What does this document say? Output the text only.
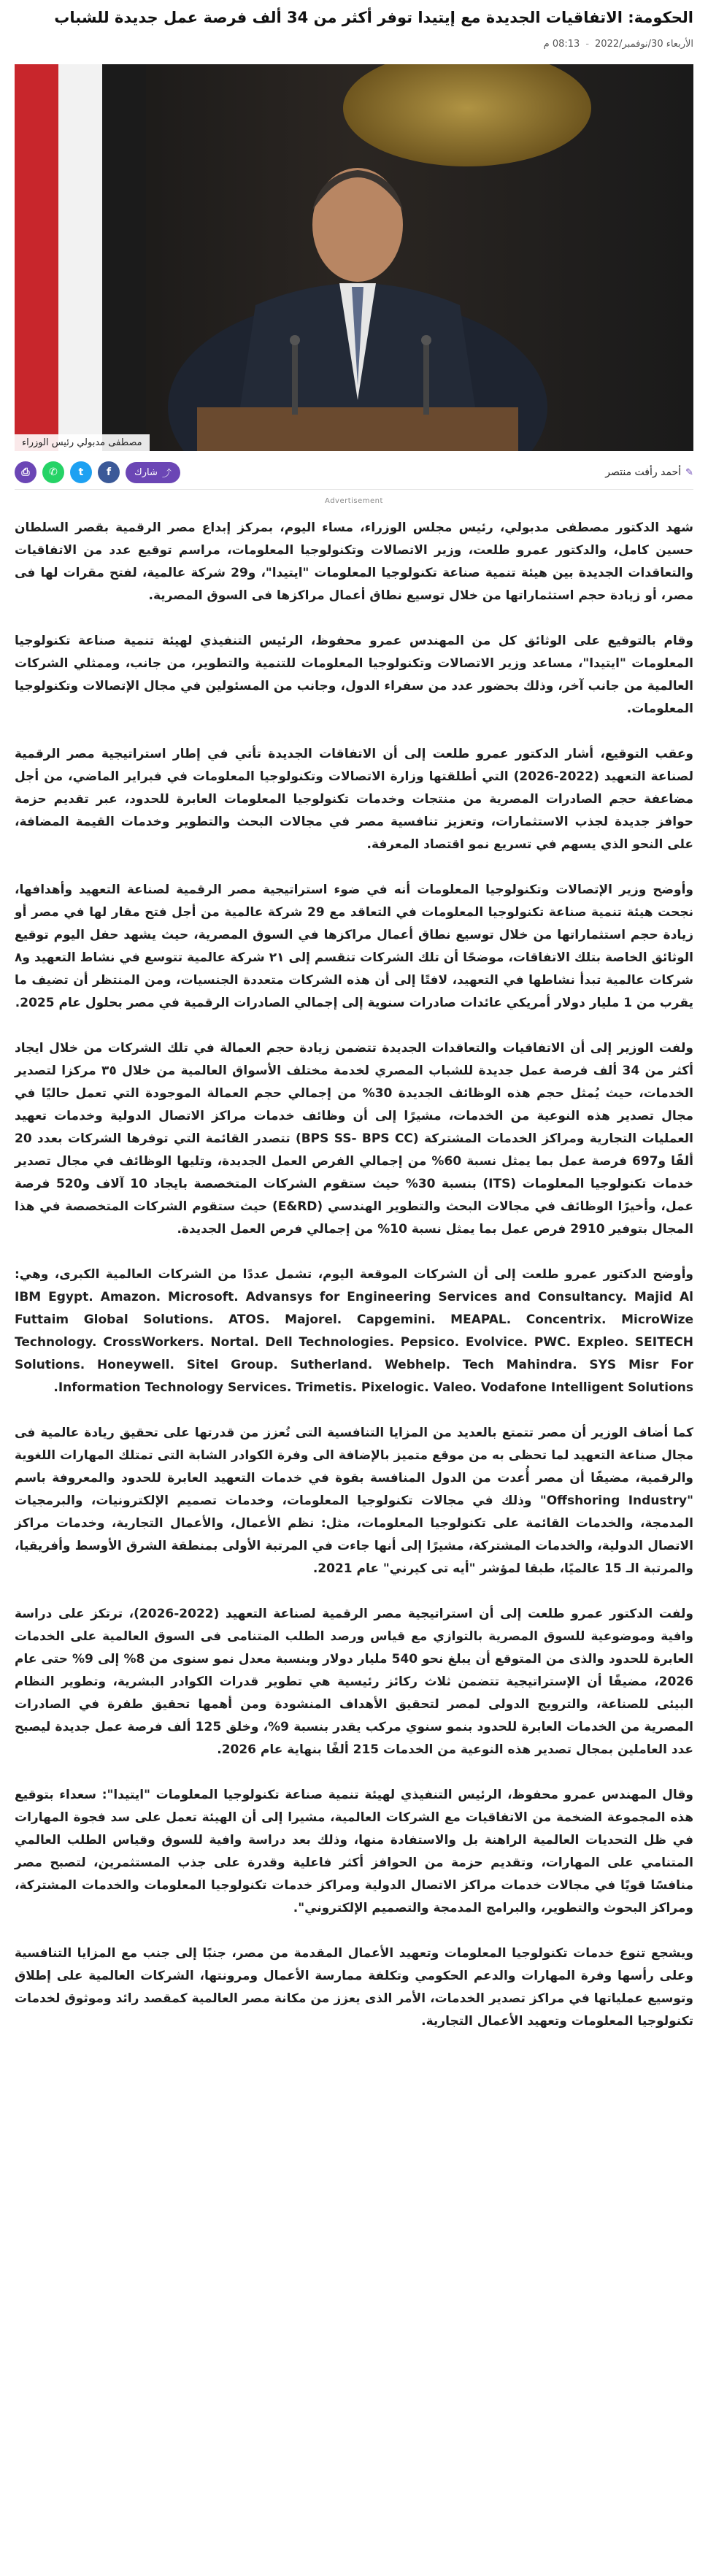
الحكومة: الاتفاقيات الجديدة مع إيتيدا توفر أكثر من 34 ألف فرصة عمل جديدة للشباب
الأربعاء 30/نوفمبر/2022
-
08:13 م
مصطفى مدبولي رئيس الوزراء
✎
أحمد رأفت منتصر
⤴
شارك
f
t
✆
⎙
Advertisement

شهد الدكتور مصطفى مدبولي، رئيس مجلس الوزراء، مساء اليوم، بمركز إبداع مصر الرقمية بقصر السلطان حسين كامل، والدكتور عمرو طلعت، وزير الاتصالات وتكنولوجيا المعلومات، مراسم توقيع عدد من الاتفاقيات والتعاقدات الجديدة بين هيئة تنمية صناعة تكنولوجيا المعلومات "ايتيدا"، و29 شركة عالمية، لفتح مقرات لها فى مصر، أو زيادة حجم استثماراتها من خلال توسيع نطاق أعمال مراكزها فى السوق المصرية.

وقام بالتوقيع على الوثائق كل من المهندس عمرو محفوظ، الرئيس التنفيذي لهيئة تنمية صناعة تكنولوجيا المعلومات "ايتيدا"، مساعد وزير الاتصالات وتكنولوجيا المعلومات للتنمية والتطوير، من جانب، وممثلي الشركات العالمية من جانب آخر، وذلك بحضور عدد من سفراء الدول، وجانب من المسئولين في مجال الإتصالات وتكنولوجيا المعلومات.

وعقب التوقيع، أشار الدكتور عمرو طلعت إلى أن الاتفاقات الجديدة تأتي في إطار استراتيجية مصر الرقمية لصناعة التعهيد (2022-2026) التي أطلقتها وزارة الاتصالات وتكنولوجيا المعلومات في فبراير الماضي، من أجل مضاعفة حجم الصادرات المصرية من منتجات وخدمات تكنولوجيا المعلومات العابرة للحدود، عبر تقديم حزمة حوافز جديدة لجذب الاستثمارات، وتعزيز تنافسية مصر في مجالات البحث والتطوير وخدمات القيمة المضافة، على النحو الذي يسهم في تسريع نمو اقتصاد المعرفة.

وأوضح وزير الإتصالات وتكنولوجيا المعلومات أنه في ضوء استراتيجية مصر الرقمية لصناعة التعهيد وأهدافها، نجحت هيئة تنمية صناعة تكنولوجيا المعلومات في التعاقد مع 29 شركة عالمية من أجل فتح مقار لها في مصر أو زيادة حجم استثماراتها من خلال توسيع نطاق أعمال مراكزها في السوق المصرية، حيث يشهد حفل اليوم توقيع الوثائق الخاصة بتلك الاتفاقات، موضحًا أن تلك الشركات تنقسم إلى ٢١ شركة عالمية تتوسع في نشاط التعهيد و٨ شركات عالمية تبدأ نشاطها في التعهيد، لافتًا إلى أن هذه الشركات متعددة الجنسيات، ومن المنتظر أن تضيف ما يقرب من 1 مليار دولار أمريكي عائدات صادرات سنوية إلى إجمالي الصادرات الرقمية في مصر بحلول عام 2025.

ولفت الوزير إلى أن الاتفاقيات والتعاقدات الجديدة تتضمن زيادة حجم العمالة في تلك الشركات من خلال ايجاد أكثر من 34 ألف فرصة عمل جديدة للشباب المصري لخدمة مختلف الأسواق العالمية من خلال ٣٥ مركزا لتصدير الخدمات، حيث يُمثل حجم هذه الوظائف الجديدة 30% من إجمالي حجم العمالة الموجودة التي تعمل حاليًا في مجال تصدير هذه النوعية من الخدمات، مشيرًا إلى أن وظائف خدمات مراكز الاتصال الدولية وخدمات تعهيد العمليات التجارية ومراكز الخدمات المشتركة (BPS SS- BPS CC) تتصدر القائمة التي توفرها الشركات بعدد 20 ألفًا و697 فرصة عمل بما يمثل نسبة 60% من إجمالي الفرص العمل الجديدة، وتليها الوظائف في مجال تصدير خدمات تكنولوجيا المعلومات (ITS) بنسبة 30% حيث ستقوم الشركات المتخصصة بايجاد 10 آلاف و520 فرصة عمل، وأخيرًا الوظائف في مجالات البحث والتطوير الهندسي (E&RD) حيث ستقوم الشركات المتخصصة في هذا المجال بتوفير 2910 فرص عمل بما يمثل نسبة 10% من إجمالي فرص العمل الجديدة.

وأوضح الدكتور عمرو طلعت إلى أن الشركات الموقعة اليوم، تشمل عددًا من الشركات العالمية الكبرى، وهي: IBM Egypt. Amazon. Microsoft. Advansys for Engineering Services and Consultancy. Majid Al Futtaim Global Solutions. ATOS. Majorel. Capgemini. MEAPAL. Concentrix. MicroWize Technology. CrossWorkers. Nortal. Dell Technologies. Pepsico. Evolvice. PWC. Expleo. SEITECH Solutions. Honeywell. Sitel Group. Sutherland. Webhelp. Tech Mahindra. SYS Misr For Information Technology Services. Trimetis. Pixelogic. Valeo. Vodafone Intelligent Solutions.

كما أضاف الوزير أن مصر تتمتع بالعديد من المزايا التنافسية التى تُعزز من قدرتها على تحقيق ريادة عالمية فى مجال صناعة التعهيد لما تحظى به من موقع متميز بالإضافة الى وفرة الكوادر الشابة التى تمتلك المهارات اللغوية والرقمية، مضيفًا أن مصر أُعدت من الدول المنافسة بقوة في خدمات التعهيد العابرة للحدود والمعروفة باسم "Offshoring Industry" وذلك في مجالات تكنولوجيا المعلومات، وخدمات تصميم الإلكترونيات، والبرمجيات المدمجة، والخدمات القائمة على تكنولوجيا المعلومات، مثل: نظم الأعمال، والأعمال التجارية، وخدمات مراكز الاتصال الدولية، والخدمات المشتركة، مشيرًا إلى أنها جاءت في المرتبة الأولى بمنطقة الشرق الأوسط وأفريقيا، والمرتبة الـ 15 عالميًا، طبقا لمؤشر "أيه تى كيرني" عام 2021.

ولفت الدكتور عمرو طلعت إلى أن استراتيجية مصر الرقمية لصناعة التعهيد (2022-2026)، ترتكز على دراسة وافية وموضوعية للسوق المصرية بالتوازي مع قياس ورصد الطلب المتنامى فى السوق العالمية على الخدمات العابرة للحدود والذى من المتوقع أن يبلغ نحو 540 مليار دولار وبنسبة معدل نمو سنوى من 8% إلى 9% حتى عام 2026، مضيفًا أن الإستراتيجية تتضمن ثلاث ركائز رئيسية هي تطوير قدرات الكوادر البشرية، وتطوير النظام البيئى للصناعة، والترويج الدولى لمصر لتحقيق الأهداف المنشودة ومن أهمها تحقيق طفرة في الصادرات المصرية من الخدمات العابرة للحدود بنمو سنوي مركب يقدر بنسبة 9%، وخلق 125 ألف فرصة عمل جديدة ليصبح عدد العاملين بمجال تصدير هذه النوعية من الخدمات 215 ألفًا بنهاية عام 2026.

وقال المهندس عمرو محفوظ، الرئيس التنفيذي لهيئة تنمية صناعة تكنولوجيا المعلومات "ايتيدا": سعداء بتوقيع هذه المجموعة الضخمة من الاتفاقيات مع الشركات العالمية، مشيرا إلى أن الهيئة تعمل على سد فجوة المهارات في ظل التحديات العالمية الراهنة بل والاستفادة منها، وذلك بعد دراسة وافية للسوق وقياس الطلب العالمي المتنامي على المهارات، وتقديم حزمة من الحوافز أكثر فاعلية وقدرة على جذب المستثمرين، لتصبح مصر منافسًا قويًا في مجالات خدمات مراكز الاتصال الدولية ومراكز خدمات تكنولوجيا المعلومات والخدمات المشتركة، ومراكز البحوث والتطوير، والبرامج المدمجة والتصميم الإلكتروني".

ويشجع تنوع خدمات تكنولوجيا المعلومات وتعهيد الأعمال المقدمة من مصر، جنبًا إلى جنب مع المزايا التنافسية وعلى رأسها وفرة المهارات والدعم الحكومي وتكلفة ممارسة الأعمال ومرونتها، الشركات العالمية على إطلاق وتوسيع عملياتها في مراكز تصدير الخدمات، الأمر الذى يعزز من مكانة مصر العالمية كمقصد رائد وموثوق لخدمات تكنولوجيا المعلومات وتعهيد الأعمال التجارية.
